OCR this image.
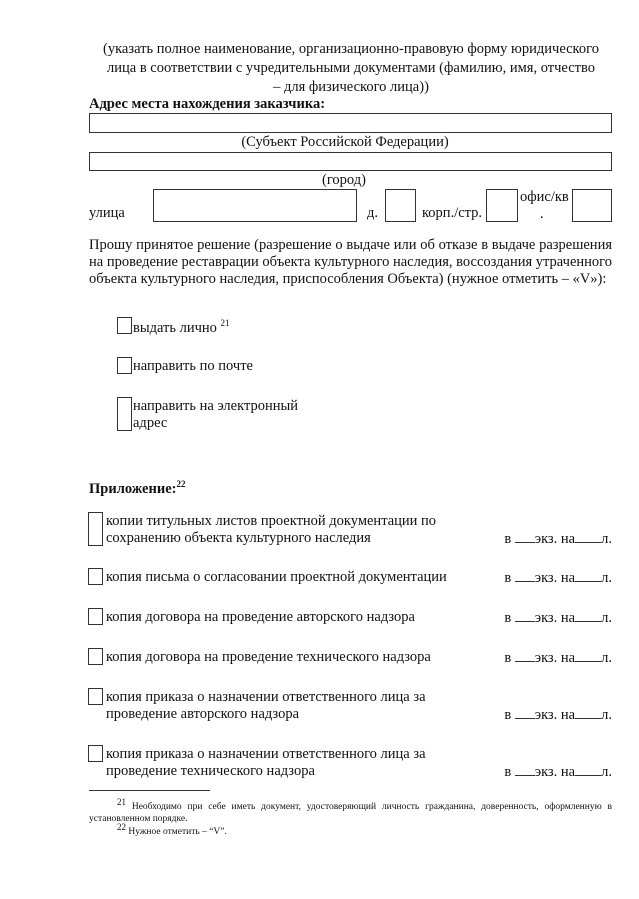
(указать полное наименование, организационно-правовую форму юридического
лица в соответствии с учредительными документами (фамилию, имя, отчество
– для физического лица))
Адрес места нахождения заказчика:
(Субъект Российской Федерации)
(город)
улица	д.	корп./стр.
офис/кв
.
Прошу принятое решение (разрешение о выдаче или об отказе в выдаче разрешения на проведение реставрации объекта культурного наследия, воссоздания утраченного объекта культурного наследия, приспособления Объекта) (нужное отметить – «V»):
выдать лично $^{21}$
направить по почте
направить на электронный
адрес
Приложение:$^{22}$
копии титульных листов проектной документации по
сохранению объекта культурного наследия	в экз. на л.
копия письма о согласовании проектной документации	в экз. на л.
копия договора на проведение авторского надзора	в экз. на л.
копия договора на проведение технического надзора	в экз. на л.
копия приказа о назначении ответственного лица за
проведение авторского надзора	в экз. на л.
копия приказа о назначении ответственного лица за
проведение технического надзора	в экз. на л.
$^{21}$ Необходимо при себе иметь документ, удостоверяющий личность гражданина, доверенность, оформленную в установленном порядке.
$^{22}$ Нужное отметить – “V”.
